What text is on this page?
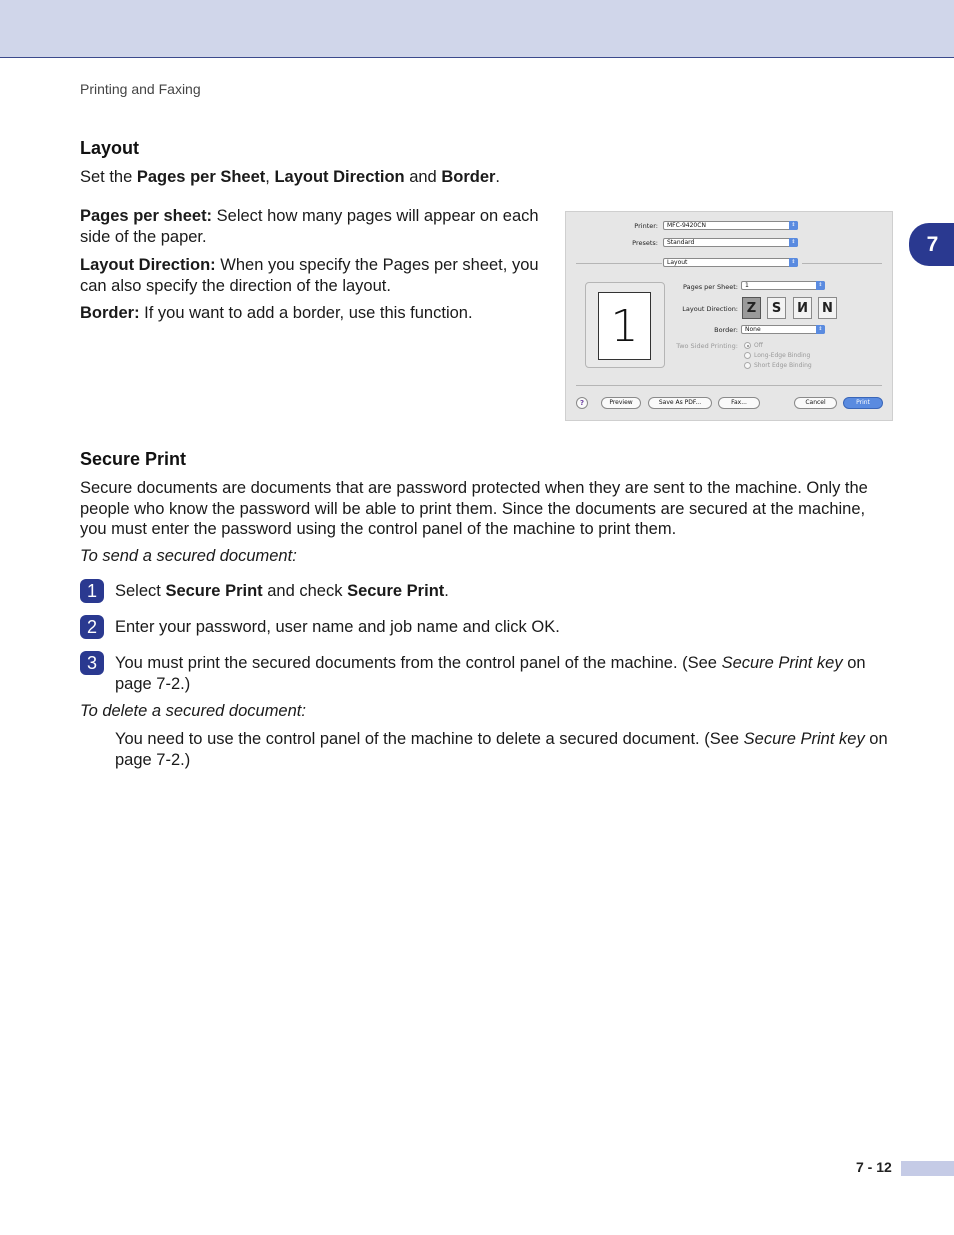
Printing and Faxing
7
Layout

Set the Pages per Sheet, Layout Direction and Border.

Pages per sheet: Select how many pages will appear on each side of the paper.

Layout Direction: When you specify the Pages per sheet, you can also specify the direction of the layout.

Border: If you want to add a border, use this function.

Printer:	MFC-9420CN	⇕
Presets:	Standard	⇕
Layout	⇕
1
Pages per Sheet:	1	⇕
Layout Direction: Z	S	N	N
Border:	None	⇕
Two Sided Printing:	Off
Long-Edge Binding
Short Edge Binding
?	Preview	Save As PDF...	Fax...	Cancel	Print
Secure Print

Secure documents are documents that are password protected when they are sent to the machine. Only the people who know the password will be able to print them. Since the documents are secured at the machine, you must enter the password using the control panel of the machine to print them.

To send a secured document:

1	Select Secure Print and check Secure Print.

2	Enter your password, user name and job name and click OK.

3	You must print the secured documents from the control panel of the machine. (See Secure Print key on page 7-2.)

To delete a secured document:

You need to use the control panel of the machine to delete a secured document. (See Secure Print key on page 7-2.)

7 - 12
